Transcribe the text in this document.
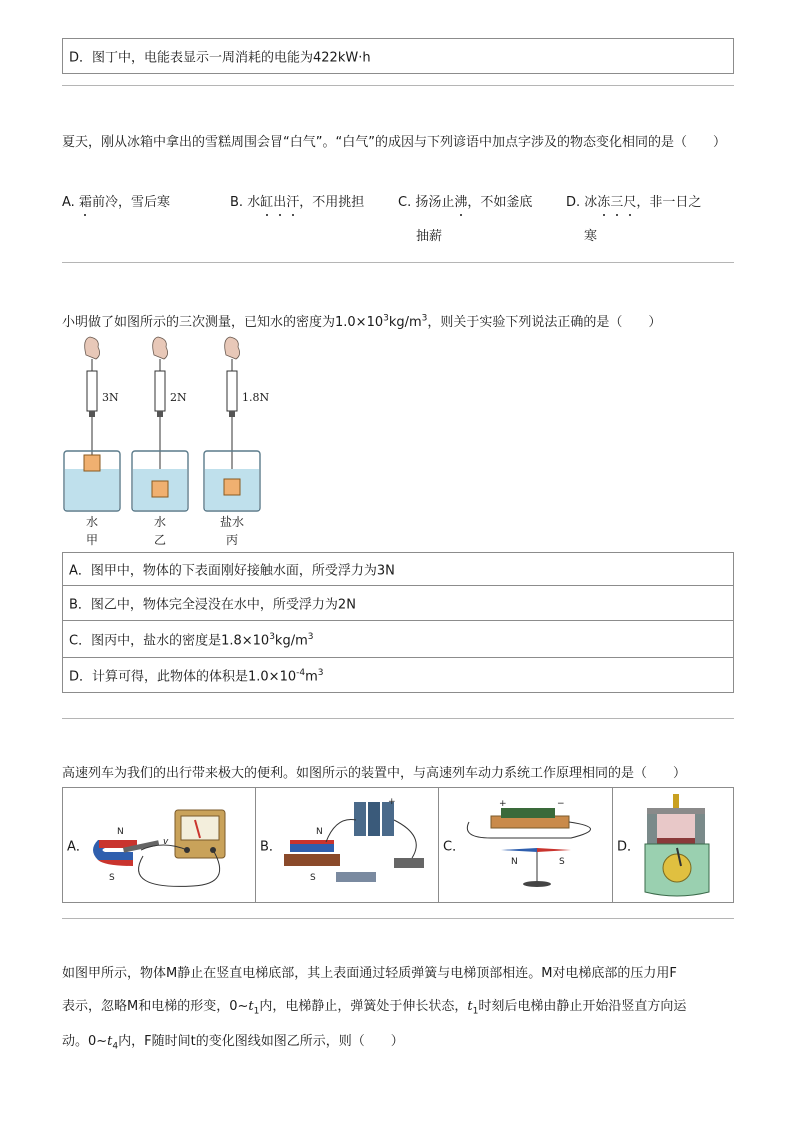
D．图丁中，电能表显示一周消耗的电能为422kW·h
夏天，刚从冰箱中拿出的雪糕周围会冒“白气”。“白气”的成因与下列谚语中加点字涉及的物态变化相同的是（　　）
A. 霜前冷，雪后寒	B. 水缸出汗，不用挑担	C. 扬汤止沸，不如釜底
抽薪
D. 冰冻三尺，非一日之
寒
小明做了如图所示的三次测量，已知水的密度为$1.0\times 10^3kg/m^3$，则关于实验下列说法正确的是（　　）
3N
水
甲
2N
水
乙
1.8N
盐水
丙
A．图甲中，物体的下表面刚好接触水面，所受浮力为3N
B．图乙中，物体完全浸没在水中，所受浮力为2N
C．图丙中，盐水的密度是$1.8\times 10^3kg/m^3$
D．计算可得，此物体的体积是$1.0\times 10^{-4}m^3$
高速列车为我们的出行带来极大的便利。如图所示的装置中，与高速列车动力系统工作原理相同的是（　　）
A．
N
S
v	B．
N
S
+
C．
N	S
+	−
D．
如图甲所示，物体M静止在竖直电梯底部，其上表面通过轻质弹簧与电梯顶部相连。M对电梯底部的压力用F
表示，忽略M和电梯的形变，$0\sim t_1$内，电梯静止，弹簧处于伸长状态，$t_1$时刻后电梯由静止开始沿竖直方向运
动。$0\sim t_4$内，F随时间t的变化图线如图乙所示，则（　　）
